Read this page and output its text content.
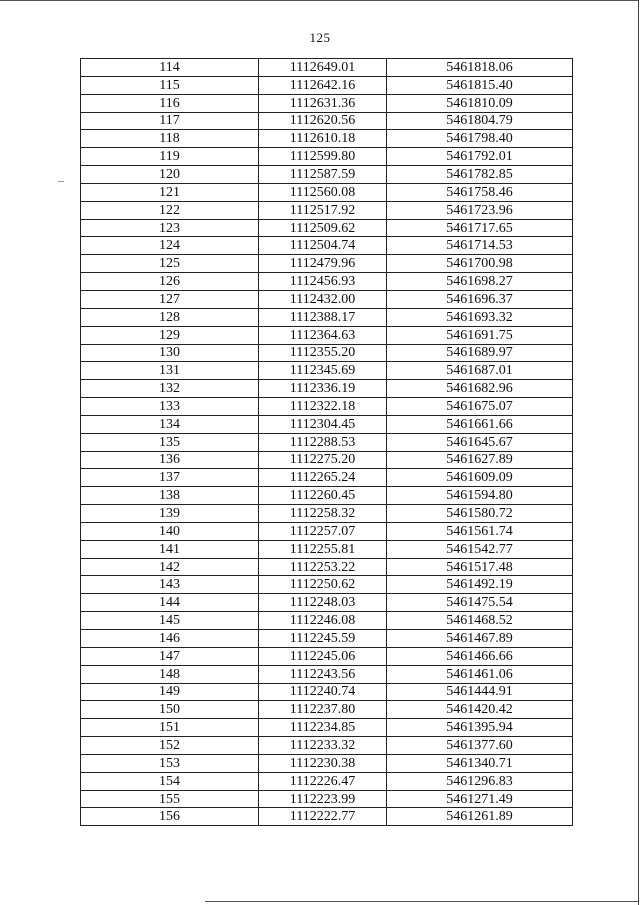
125
114	1112649.01	5461818.06
115	1112642.16	5461815.40
116	1112631.36	5461810.09
117	1112620.56	5461804.79
118	1112610.18	5461798.40
119	1112599.80	5461792.01
120	1112587.59	5461782.85
121	1112560.08	5461758.46
122	1112517.92	5461723.96
123	1112509.62	5461717.65
124	1112504.74	5461714.53
125	1112479.96	5461700.98
126	1112456.93	5461698.27
127	1112432.00	5461696.37
128	1112388.17	5461693.32
129	1112364.63	5461691.75
130	1112355.20	5461689.97
131	1112345.69	5461687.01
132	1112336.19	5461682.96
133	1112322.18	5461675.07
134	1112304.45	5461661.66
135	1112288.53	5461645.67
136	1112275.20	5461627.89
137	1112265.24	5461609.09
138	1112260.45	5461594.80
139	1112258.32	5461580.72
140	1112257.07	5461561.74
141	1112255.81	5461542.77
142	1112253.22	5461517.48
143	1112250.62	5461492.19
144	1112248.03	5461475.54
145	1112246.08	5461468.52
146	1112245.59	5461467.89
147	1112245.06	5461466.66
148	1112243.56	5461461.06
149	1112240.74	5461444.91
150	1112237.80	5461420.42
151	1112234.85	5461395.94
152	1112233.32	5461377.60
153	1112230.38	5461340.71
154	1112226.47	5461296.83
155	1112223.99	5461271.49
156	1112222.77	5461261.89
